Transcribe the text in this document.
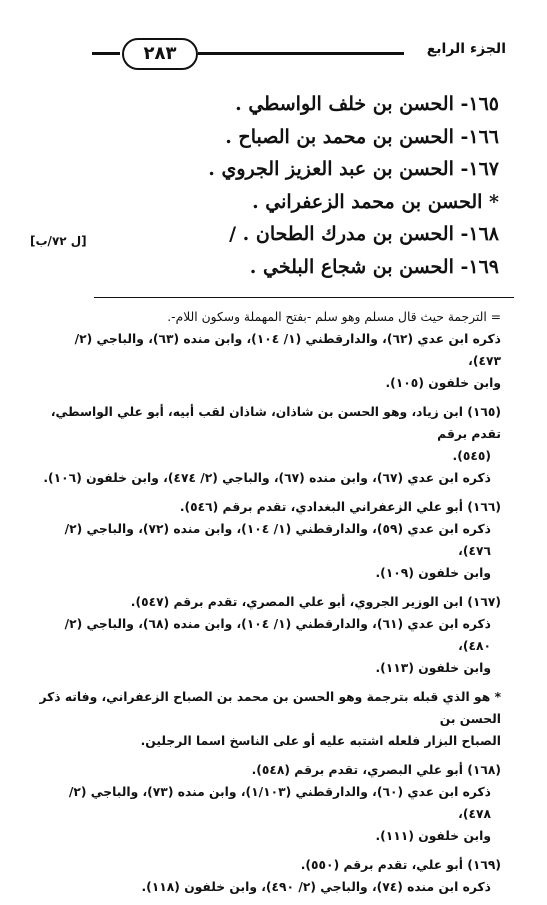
٢٨٣	الجزء الرابع
[ل ٧٢/ب]
١٦٥- الحسن بن خلف الواسطي .
١٦٦- الحسن بن محمد بن الصباح .
١٦٧- الحسن بن عبد العزيز الجروي .
* الحسن بن محمد الزعفراني .
١٦٨- الحسن بن مدرك الطحان . /
١٦٩- الحسن بن شجاع البلخي .

= الترجمة حيث قال مسلم وهو سلم -بفتح المهملة وسكون اللام-.

ذكره ابن عدي (٦٢)، والدارقطني (١/ ١٠٤)، وابن منده (٦٣)، والباجي (٢/ ٤٧٣)،

وابن خلفون (١٠٥).

(١٦٥) ابن زياد، وهو الحسن بن شاذان، شاذان لقب أبيه، أبو علي الواسطي، تقدم برقم

(٥٤٥).

ذكره ابن عدي (٦٧)، وابن منده (٦٧)، والباجي (٢/ ٤٧٤)، وابن خلفون (١٠٦).

(١٦٦) أبو علي الزعفراني البغدادي، تقدم برقم (٥٤٦).

ذكره ابن عدي (٥٩)، والدارقطني (١/ ١٠٤)، وابن منده (٧٢)، والباجي (٢/ ٤٧٦)،

وابن خلفون (١٠٩).

(١٦٧) ابن الوزير الجروي، أبو علي المصري، تقدم برقم (٥٤٧).

ذكره ابن عدي (٦١)، والدارقطني (١/ ١٠٤)، وابن منده (٦٨)، والباجي (٢/ ٤٨٠)،

وابن خلفون (١١٣).

* هو الذي قبله بترجمة وهو الحسن بن محمد بن الصباح الزعفراني، وفاته ذكر الحسن بن

الصباح البزار فلعله اشتبه عليه أو على الناسخ اسما الرجلين.

(١٦٨) أبو علي البصري، تقدم برقم (٥٤٨).

ذكره ابن عدي (٦٠)، والدارقطني (١/١٠٣)، وابن منده (٧٣)، والباجي (٢/ ٤٧٨)،

وابن خلفون (١١١).

(١٦٩) أبو علي، تقدم برقم (٥٥٠).

ذكره ابن منده (٧٤)، والباجي (٢/ ٤٩٠)، وابن خلفون (١١٨).
